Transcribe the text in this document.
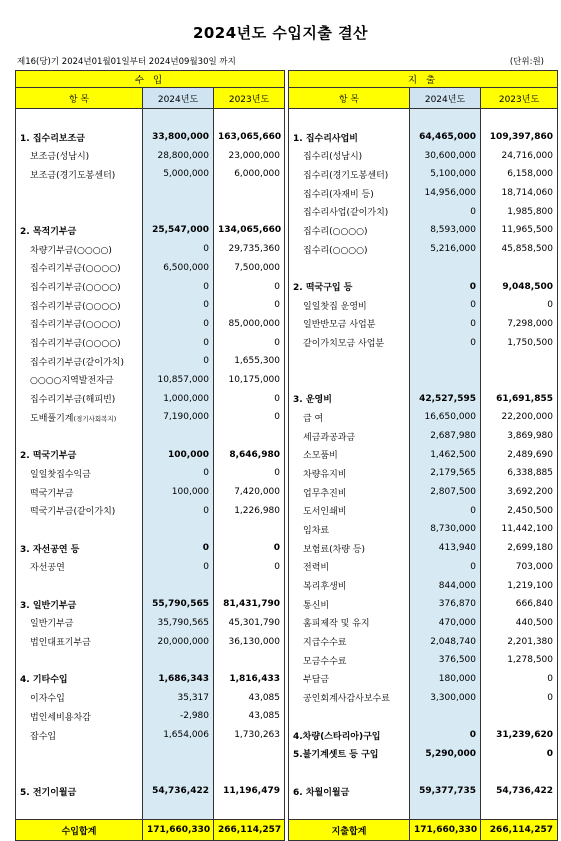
2024년도 수입지출 결산
제16(당)기 2024년01월01일부터 2024년09월30일 까지	(단위:원)
수 입		
항 목	2024년도	2023년도

1. 집수리보조금	33,800,000	163,065,660
보조금(성남시)	28,800,000	23,000,000
보조금(경기도봉센터)	5,000,000	6,000,000

2. 목적기부금	25,547,000	134,065,660
차량기부금(○○○○)	0	29,735,360
집수리기부금(○○○○)	6,500,000	7,500,000
집수리기부금(○○○○)	0	0
집수리기부금(○○○○)	0	0
집수리기부금(○○○○)	0	85,000,000
집수리기부금(○○○○)	0	0
집수리기부금(같이가치)	0	1,655,300
○○○○지역발전자금	10,857,000	10,175,000
집수리기부금(해피빈)	1,000,000	0
도배풀기계(경기사회복지)	7,190,000	0

2. 떡국기부금	100,000	8,646,980
일일찻집수익금	0	0
떡국기부금	100,000	7,420,000
떡국기부금(같이가치)	0	1,226,980

3. 자선공연 등	0	0
자선공연	0	0

3. 일반기부금	55,790,565	81,431,790
일반기부금	35,790,565	45,301,790
법인대표기부금	20,000,000	36,130,000

4. 기타수입	1,686,343	1,816,433
이자수입	35,317	43,085
법인세비용차감	-2,980	43,085
잡수입	1,654,006	1,730,263

5. 전기이월금	54,736,422	11,196,479

수입합계	171,660,330	266,114,257
지 출		
항 목	2024년도	2023년도

1. 집수리사업비	64,465,000	109,397,860
집수리(성남시)	30,600,000	24,716,000
집수리(경기도봉센터)	5,100,000	6,158,000
집수리(자재비 등)	14,956,000	18,714,060
집수리사업(같이가치)	0	1,985,800
집수리(○○○○)	8,593,000	11,965,500
집수리(○○○○)	5,216,000	45,858,500

2. 떡국구입 등	0	9,048,500
일일찻집 운영비	0	0
일반반모금 사업분	0	7,298,000
같이가치모금 사업분	0	1,750,500

3. 운영비	42,527,595	61,691,855
급 여	16,650,000	22,200,000
세금과공과금	2,687,980	3,869,980
소모품비	1,462,500	2,489,690
차량유지비	2,179,565	6,338,885
업무추진비	2,807,500	3,692,200
도서인쇄비	0	2,450,500
임차료	8,730,000	11,442,100
보험료(차량 등)	413,940	2,699,180
전력비	0	703,000
복리후생비	844,000	1,219,100
통신비	376,870	666,840
홈피제작 및 유지	470,000	440,500
지급수수료	2,048,740	2,201,380
모금수수료	376,500	1,278,500
부담금	180,000	0
공인회계사감사보수료	3,300,000	0

4.차량(스타리아)구입	0	31,239,620
5.불기계셋트 등 구입	5,290,000	0

6. 차월이월금	59,377,735	54,736,422

지출합계	171,660,330	266,114,257
